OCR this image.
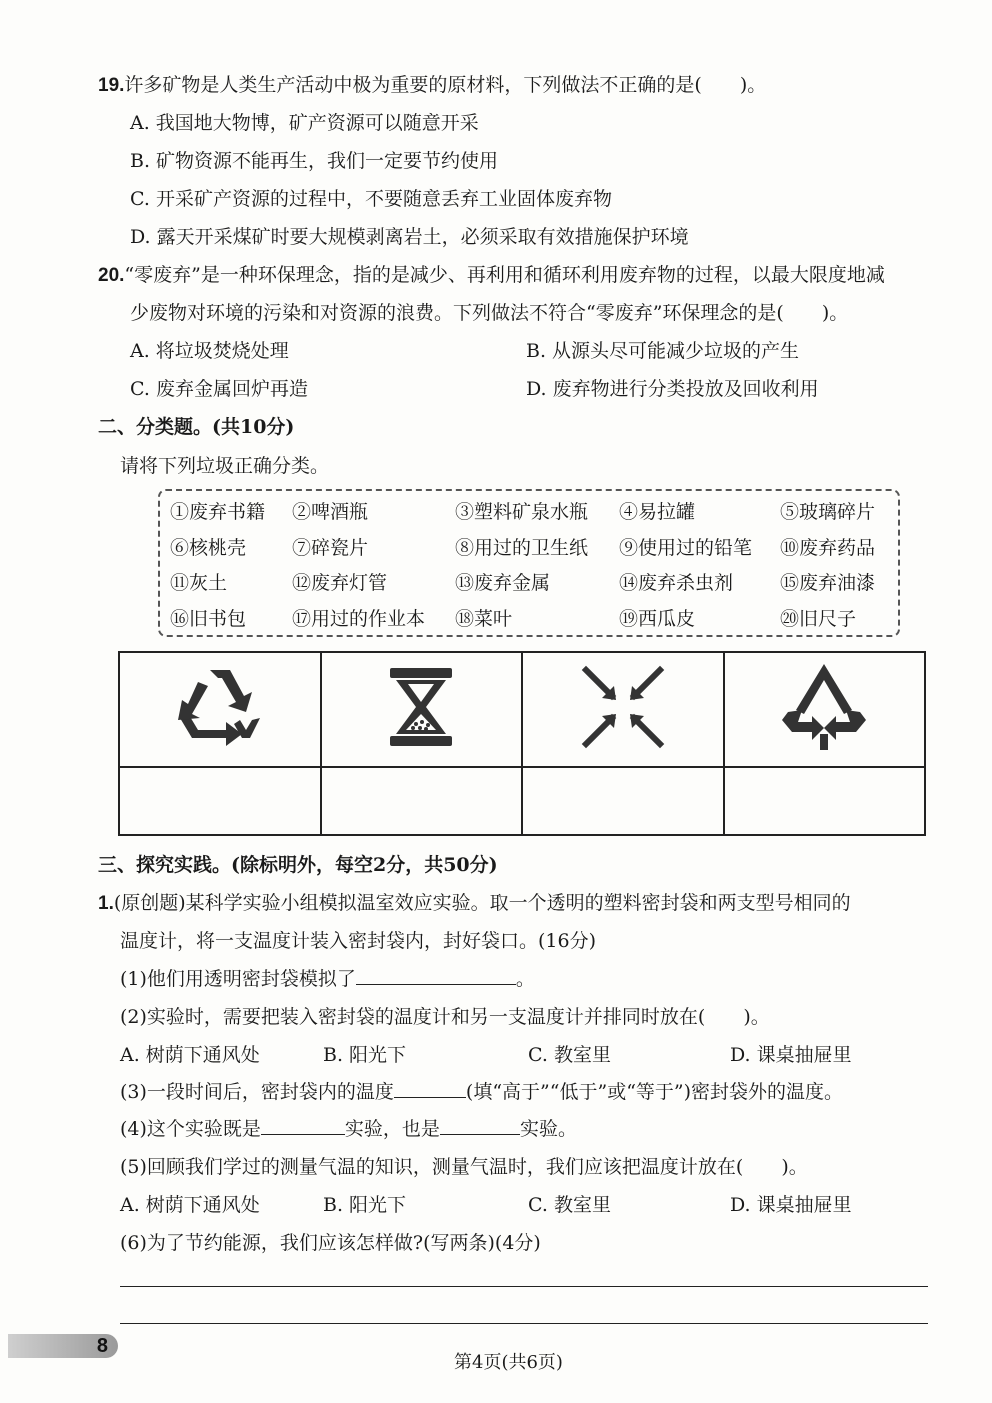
19.许多矿物是人类生产活动中极为重要的原材料，下列做法不正确的是(　　)。
A. 我国地大物博，矿产资源可以随意开采
B. 矿物资源不能再生，我们一定要节约使用
C. 开采矿产资源的过程中，不要随意丢弃工业固体废弃物
D. 露天开采煤矿时要大规模剥离岩土，必须采取有效措施保护环境
20.“零废弃”是一种环保理念，指的是减少、再利用和循环利用废弃物的过程，以最大限度地减
少废物对环境的污染和对资源的浪费。下列做法不符合“零废弃”环保理念的是(　　)。
A. 将垃圾焚烧处理	B. 从源头尽可能减少垃圾的产生
C. 废弃金属回炉再造	D. 废弃物进行分类投放及回收利用
二、分类题。(共10分)
请将下列垃圾正确分类。
①废弃书籍 ②啤酒瓶	③塑料矿泉水瓶 ④易拉罐	⑤玻璃碎片
⑥核桃壳 ⑦碎瓷片	⑧用过的卫生纸 ⑨使用过的铅笔 ⑩废弃药品
⑪灰土	⑫废弃灯管	⑬废弃金属	⑭废弃杀虫剂 ⑮废弃油漆
⑯旧书包 ⑰用过的作业本 ⑱菜叶	⑲西瓜皮	⑳旧尺子

三、探究实践。(除标明外，每空2分，共50分)
1.(原创题)某科学实验小组模拟温室效应实验。取一个透明的塑料密封袋和两支型号相同的
温度计，将一支温度计装入密封袋内，封好袋口。(16分)
(1)他们用透明密封袋模拟了	。
(2)实验时，需要把装入密封袋的温度计和另一支温度计并排同时放在(　　)。
A. 树荫下通风处	B. 阳光下	C. 教室里	D. 课桌抽屉里
(3)一段时间后，密封袋内的温度	(填“高于”“低于”或“等于”)密封袋外的温度。
(4)这个实验既是	实验，也是	实验。
(5)回顾我们学过的测量气温的知识，测量气温时，我们应该把温度计放在(　　)。
A. 树荫下通风处	B. 阳光下	C. 教室里	D. 课桌抽屉里
(6)为了节约能源，我们应该怎样做?(写两条)(4分)
8
第4页(共6页)
